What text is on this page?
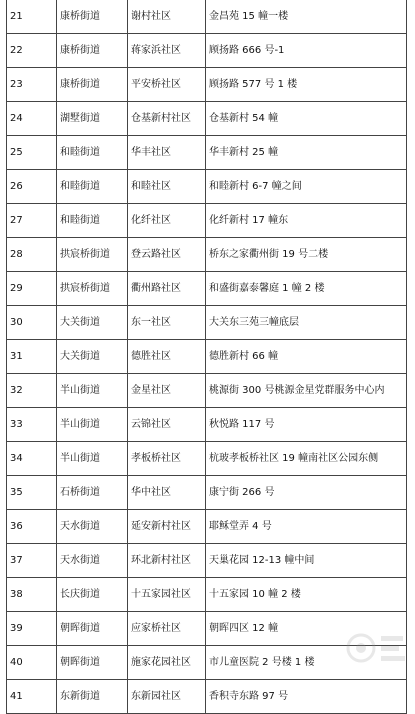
21	康桥街道	谢村社区	金昌苑 15 幢一楼
22	康桥街道	蒋家浜社区	顾扬路 666 号-1
23	康桥街道	平安桥社区	顾扬路 577 号 1 楼
24	湖墅街道	仓基新村社区	仓基新村 54 幢
25	和睦街道	华丰社区	华丰新村 25 幢
26	和睦街道	和睦社区	和睦新村 6-7 幢之间
27	和睦街道	化纤社区	化纤新村 17 幢东
28	拱宸桥街道	登云路社区	桥东之家衢州街 19 号二楼
29	拱宸桥街道	衢州路社区	和盛街嘉泰馨庭 1 幢 2 楼
30	大关街道	东一社区	大关东三苑三幢底层
31	大关街道	德胜社区	德胜新村 66 幢
32	半山街道	金星社区	桃源街 300 号桃源金星党群服务中心内
33	半山街道	云锦社区	秋悦路 117 号
34	半山街道	孝板桥社区	杭玻孝板桥社区 19 幢南社区公园东侧
35	石桥街道	华中社区	康宁街 266 号
36	天水街道	延安新村社区	耶稣堂弄 4 号
37	天水街道	环北新村社区	天巢花园 12-13 幢中间
38	长庆街道	十五家园社区	十五家园 10 幢 2 楼
39	朝晖街道	应家桥社区	朝晖四区 12 幢
40	朝晖街道	施家花园社区	市儿童医院 2 号楼 1 楼
41	东新街道	东新园社区	香积寺东路 97 号
